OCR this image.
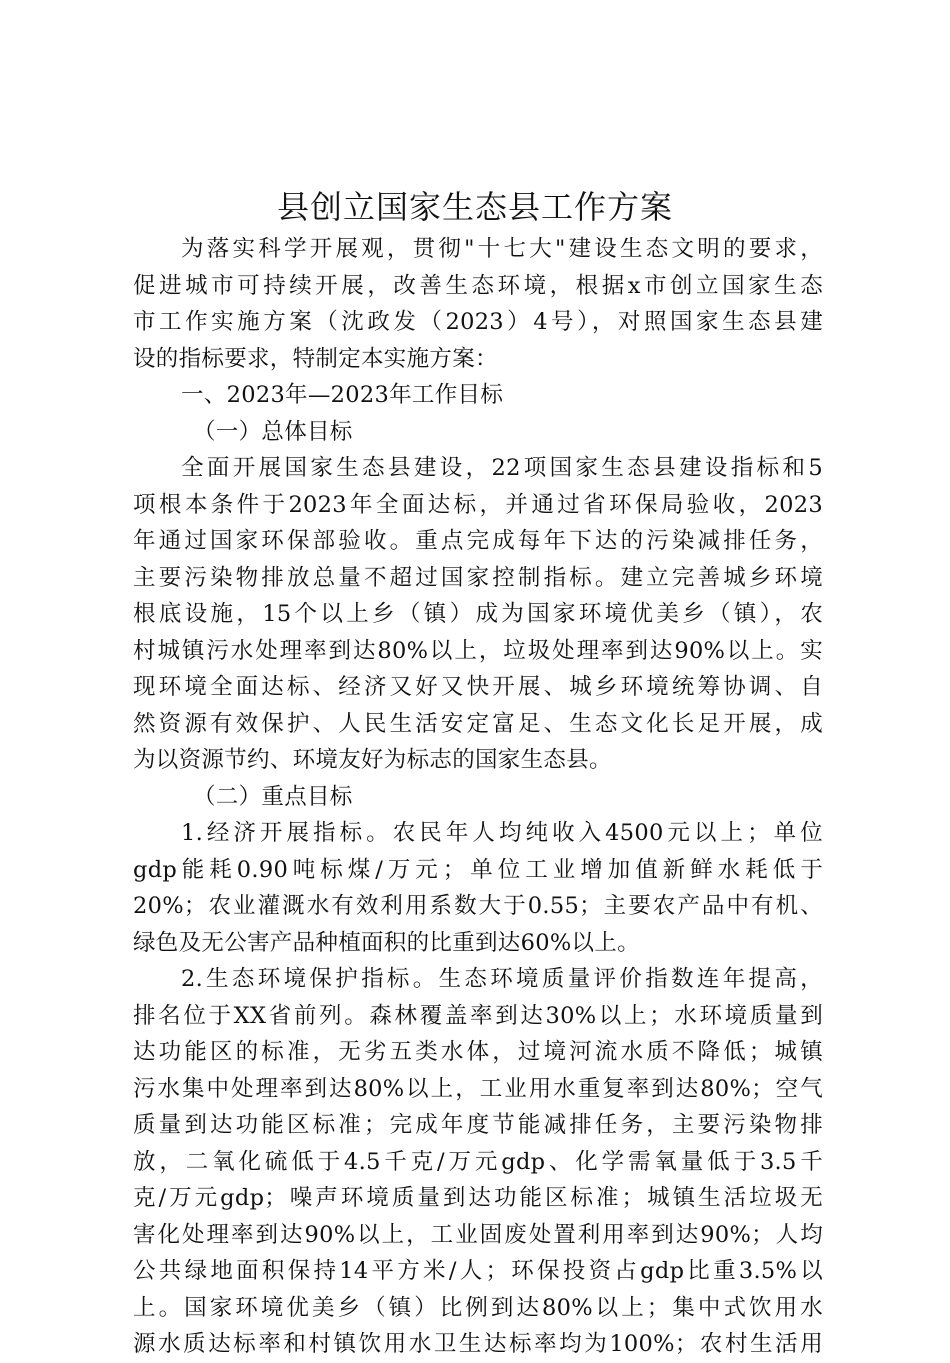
县创立国家生态县工作方案
为落实科学开展观，贯彻"十七大"建设生态文明的要求，
促进城市可持续开展，改善生态环境，根据x市创立国家生态
市工作实施方案（沈政发（2023）4号），对照国家生态县建
设的指标要求，特制定本实施方案：
一、2023年—2023年工作目标
（一）总体目标
全面开展国家生态县建设，22项国家生态县建设指标和5
项根本条件于2023年全面达标，并通过省环保局验收，2023
年通过国家环保部验收。重点完成每年下达的污染减排任务，
主要污染物排放总量不超过国家控制指标。建立完善城乡环境
根底设施，15个以上乡（镇）成为国家环境优美乡（镇），农
村城镇污水处理率到达80%以上，垃圾处理率到达90%以上。实
现环境全面达标、经济又好又快开展、城乡环境统筹协调、自
然资源有效保护、人民生活安定富足、生态文化长足开展，成
为以资源节约、环境友好为标志的国家生态县。
（二）重点目标
1.经济开展指标。农民年人均纯收入4500元以上；单位
gdp能耗0.90吨标煤/万元；单位工业增加值新鲜水耗低于
20%；农业灌溉水有效利用系数大于0.55；主要农产品中有机、
绿色及无公害产品种植面积的比重到达60%以上。
2.生态环境保护指标。生态环境质量评价指数连年提高，
排名位于XX省前列。森林覆盖率到达30%以上；水环境质量到
达功能区的标准，无劣五类水体，过境河流水质不降低；城镇
污水集中处理率到达80%以上，工业用水重复率到达80%；空气
质量到达功能区标准；完成年度节能减排任务，主要污染物排
放，二氧化硫低于4.5千克/万元gdp、化学需氧量低于3.5千
克/万元gdp；噪声环境质量到达功能区标准；城镇生活垃圾无
害化处理率到达90%以上，工业固废处置利用率到达90%；人均
公共绿地面积保持14平方米/人；环保投资占gdp比重3.5%以
上。国家环境优美乡（镇）比例到达80%以上；集中式饮用水
源水质达标率和村镇饮用水卫生达标率均为100%；农村生活用
